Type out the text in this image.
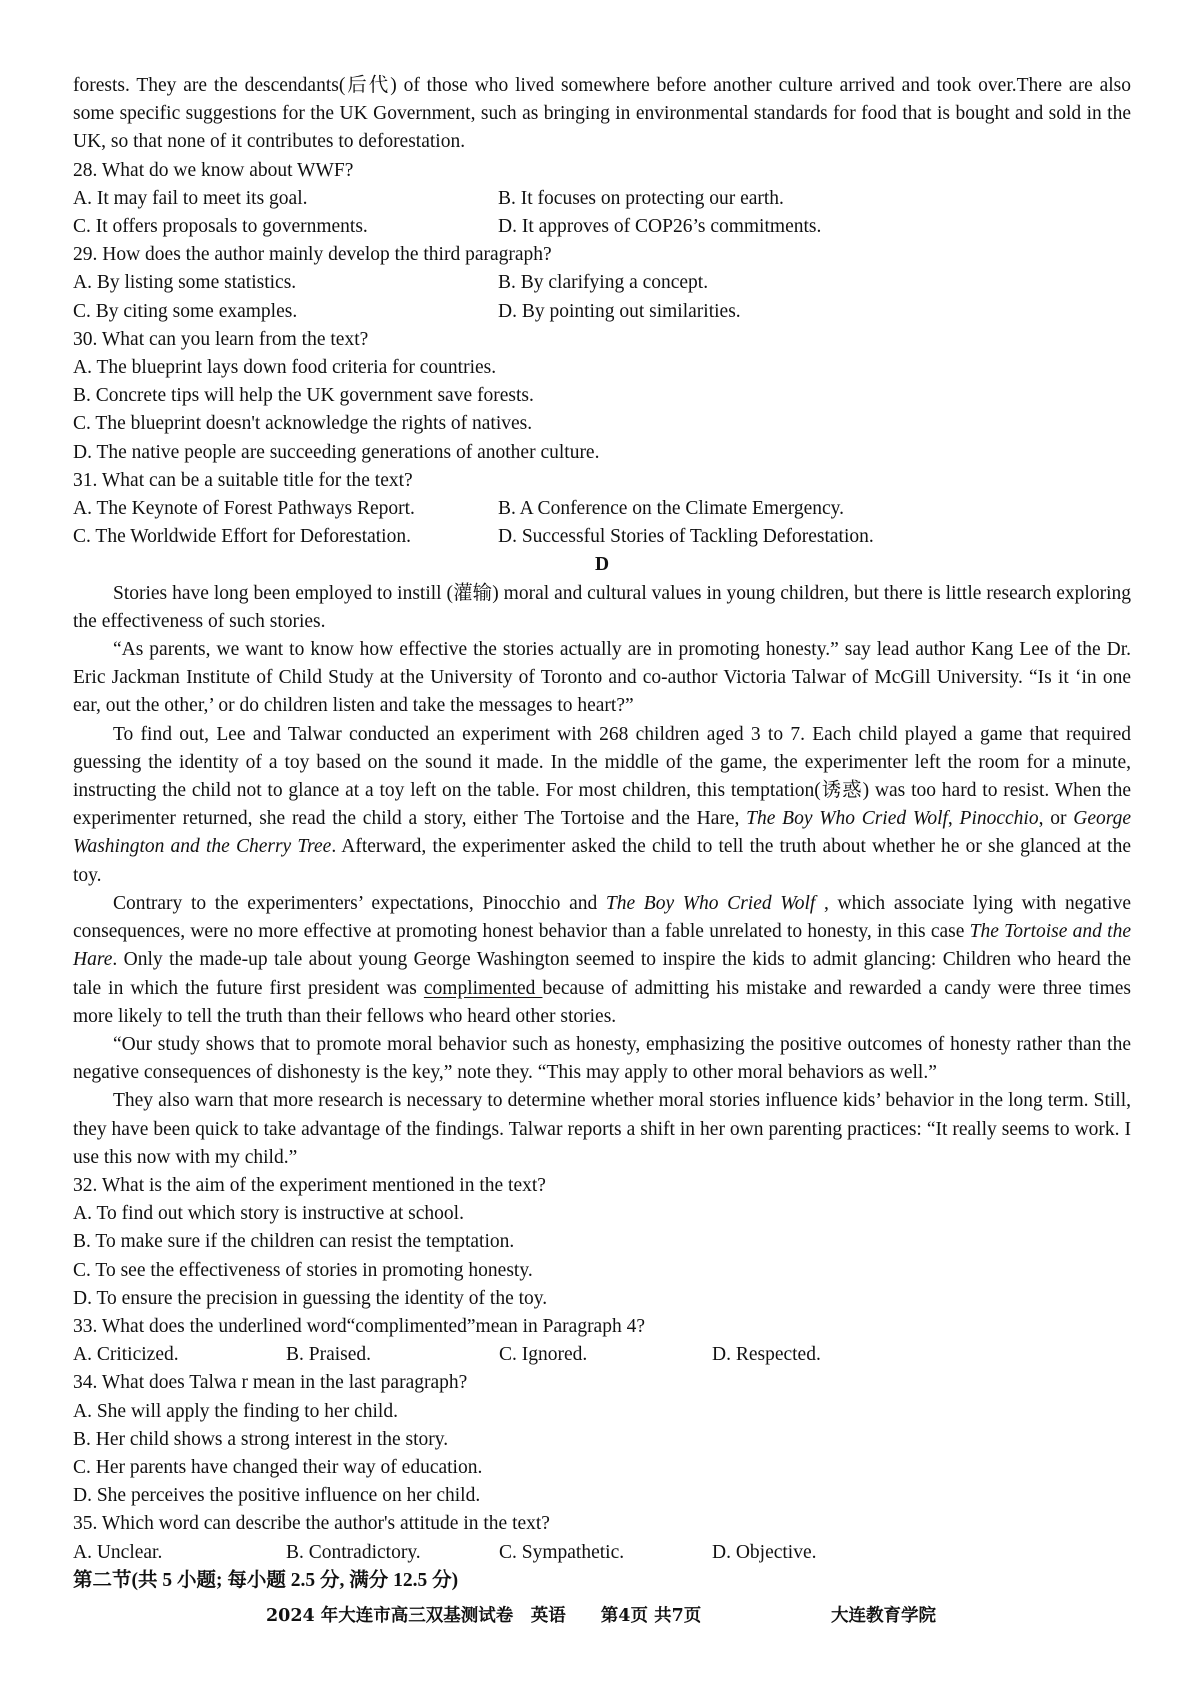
forests. They are the descendants(后代) of those who lived somewhere before another culture arrived and took over.There are also some specific suggestions for the UK Government, such as bringing in environmental standards for food that is bought and sold in the UK, so that none of it contributes to deforestation.

28. What do we know about WWF?

A. It may fail to meet its goal.	B. It focuses on protecting our earth.
C. It offers proposals to governments.	D. It approves of COP26’s commitments.

29. How does the author mainly develop the third paragraph?

A. By listing some statistics.	B. By clarifying a concept.
C. By citing some examples.	D. By pointing out similarities.

30. What can you learn from the text?

A. The blueprint lays down food criteria for countries.

B. Concrete tips will help the UK government save forests.

C. The blueprint doesn't acknowledge the rights of natives.

D. The native people are succeeding generations of another culture.

31. What can be a suitable title for the text?

A. The Keynote of Forest Pathways Report.	B. A Conference on the Climate Emergency.
C. The Worldwide Effort for Deforestation.	D. Successful Stories of Tackling Deforestation.

D

Stories have long been employed to instill (灌输) moral and cultural values in young children, but there is little research exploring the effectiveness of such stories.

“As parents, we want to know how effective the stories actually are in promoting honesty.” say lead author Kang Lee of the Dr. Eric Jackman Institute of Child Study at the University of Toronto and co-author Victoria Talwar of McGill University. “Is it ‘in one ear, out the other,’ or do children listen and take the messages to heart?”

To find out, Lee and Talwar conducted an experiment with 268 children aged 3 to 7. Each child played a game that required guessing the identity of a toy based on the sound it made. In the middle of the game, the experimenter left the room for a minute, instructing the child not to glance at a toy left on the table. For most children, this temptation(诱惑) was too hard to resist. When the experimenter returned, she read the child a story, either The Tortoise and the Hare, The Boy Who Cried Wolf, Pinocchio, or George Washington and the Cherry Tree. Afterward, the experimenter asked the child to tell the truth about whether he or she glanced at the toy.

Contrary to the experimenters’ expectations, Pinocchio and The Boy Who Cried Wolf , which associate lying with negative consequences, were no more effective at promoting honest behavior than a fable unrelated to honesty, in this case The Tortoise and the Hare. Only the made-up tale about young George Washington seemed to inspire the kids to admit glancing: Children who heard the tale in which the future first president was complimented because of admitting his mistake and rewarded a candy were three times more likely to tell the truth than their fellows who heard other stories.

“Our study shows that to promote moral behavior such as honesty, emphasizing the positive outcomes of honesty rather than the negative consequences of dishonesty is the key,” note they. “This may apply to other moral behaviors as well.”

They also warn that more research is necessary to determine whether moral stories influence kids’ behavior in the long term. Still, they have been quick to take advantage of the findings. Talwar reports a shift in her own parenting practices: “It really seems to work. I use this now with my child.”

32. What is the aim of the experiment mentioned in the text?

A. To find out which story is instructive at school.

B. To make sure if the children can resist the temptation.

C. To see the effectiveness of stories in promoting honesty.

D. To ensure the precision in guessing the identity of the toy.

33. What does the underlined word“complimented”mean in Paragraph 4?

A. Criticized.	B. Praised.	C. Ignored.	D. Respected.

34. What does Talwa r mean in the last paragraph?

A. She will apply the finding to her child.

B. Her child shows a strong interest in the story.

C. Her parents have changed their way of education.

D. She perceives the positive influence on her child.

35. Which word can describe the author's attitude in the text?

A. Unclear.	B. Contradictory.	C. Sympathetic.	D. Objective.

第二节(共 5 小题; 每小题 2.5 分, 满分 12.5 分)

2024 年大连市高三双基测试卷　英语　　第4页 共7页	大连教育学院
